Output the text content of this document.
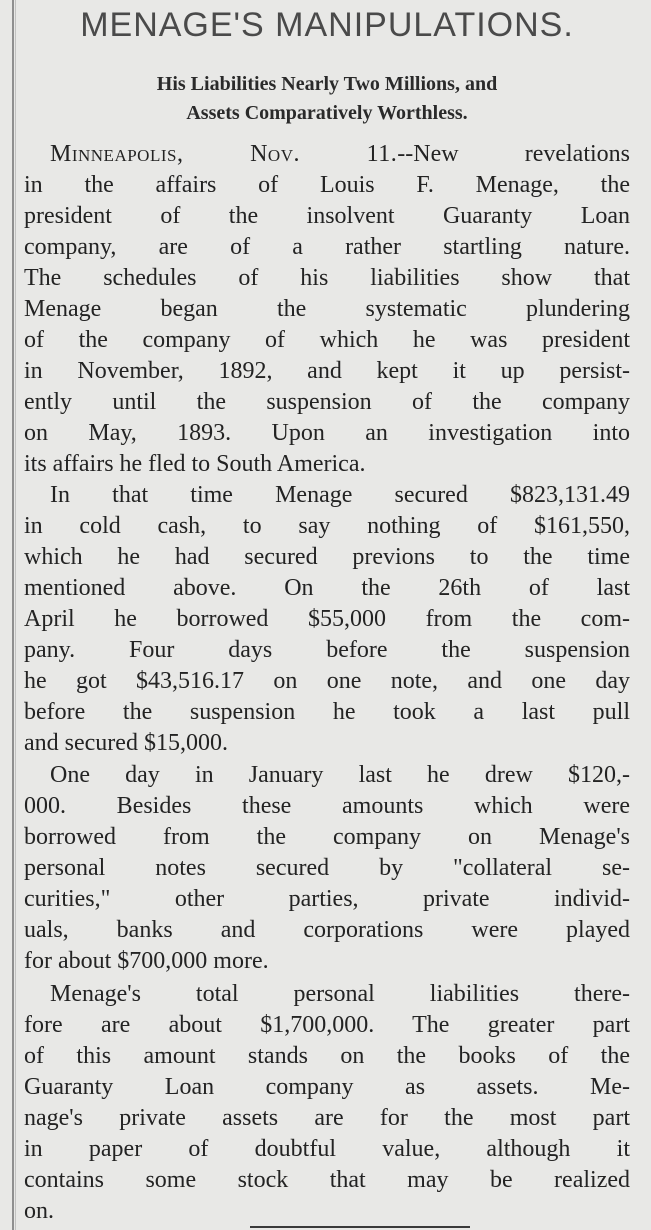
MENAGE'S MANIPULATIONS.
His Liabilities Nearly Two Millions, and
Assets Comparatively Worthless.
Minneapolis, Nov. 11.--New revelations
in the affairs of Louis F. Menage, the
president of the insolvent Guaranty Loan
company, are of a rather startling nature.
The schedules of his liabilities show that
Menage began the systematic plundering
of the company of which he was president
in November, 1892, and kept it up persist-
ently until the suspension of the company
on May, 1893. Upon an investigation into
its affairs he fled to South America.
In that time Menage secured $823,131.49
in cold cash, to say nothing of $161,550,
which he had secured previons to the time
mentioned above. On the 26th of last
April he borrowed $55,000 from the com-
pany. Four days before the suspension
he got $43,516.17 on one note, and one day
before the suspension he took a last pull
and secured $15,000.
One day in January last he drew $120,-
000. Besides these amounts which were
borrowed from the company on Menage's
personal notes secured by "collateral se-
curities," other parties, private individ-
uals, banks and corporations were played
for about $700,000 more.
Menage's total personal liabilities there-
fore are about $1,700,000. The greater part
of this amount stands on the books of the
Guaranty Loan company as assets. Me-
nage's private assets are for the most part
in paper of doubtful value, although it
contains some stock that may be realized
on.
